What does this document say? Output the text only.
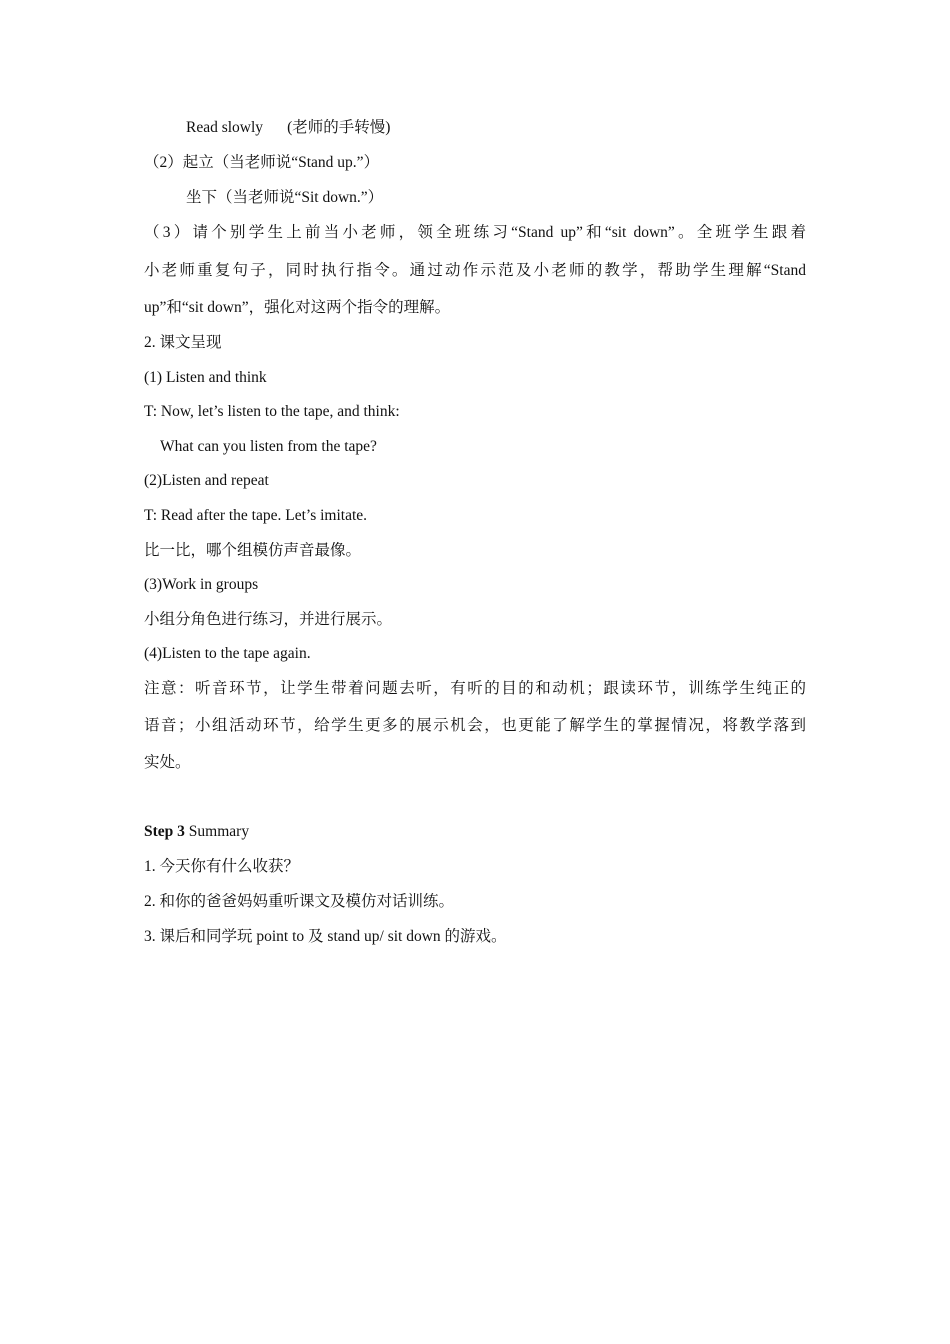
Read slowly (老师的手转慢)
（2）起立（当老师说“Stand up.”）
坐下（当老师说“Sit down.”）
（3）请个别学生上前当小老师，领全班练习“Stand up”和“sit down”。全班学生跟着
小老师重复句子，同时执行指令。通过动作示范及小老师的教学，帮助学生理解“Stand
up”和“sit down”，强化对这两个指令的理解。
2. 课文呈现
(1) Listen and think
T: Now, let’s listen to the tape, and think:
What can you listen from the tape?
(2)Listen and repeat
T: Read after the tape. Let’s imitate.
比一比，哪个组模仿声音最像。
(3)Work in groups
小组分角色进行练习，并进行展示。
(4)Listen to the tape again.
注意：听音环节，让学生带着问题去听，有听的目的和动机；跟读环节，训练学生纯正的
语音；小组活动环节，给学生更多的展示机会，也更能了解学生的掌握情况，将教学落到
实处。
Step 3 Summary
1. 今天你有什么收获？
2. 和你的爸爸妈妈重听课文及模仿对话训练。
3. 课后和同学玩 point to 及 stand up/ sit down 的游戏。
